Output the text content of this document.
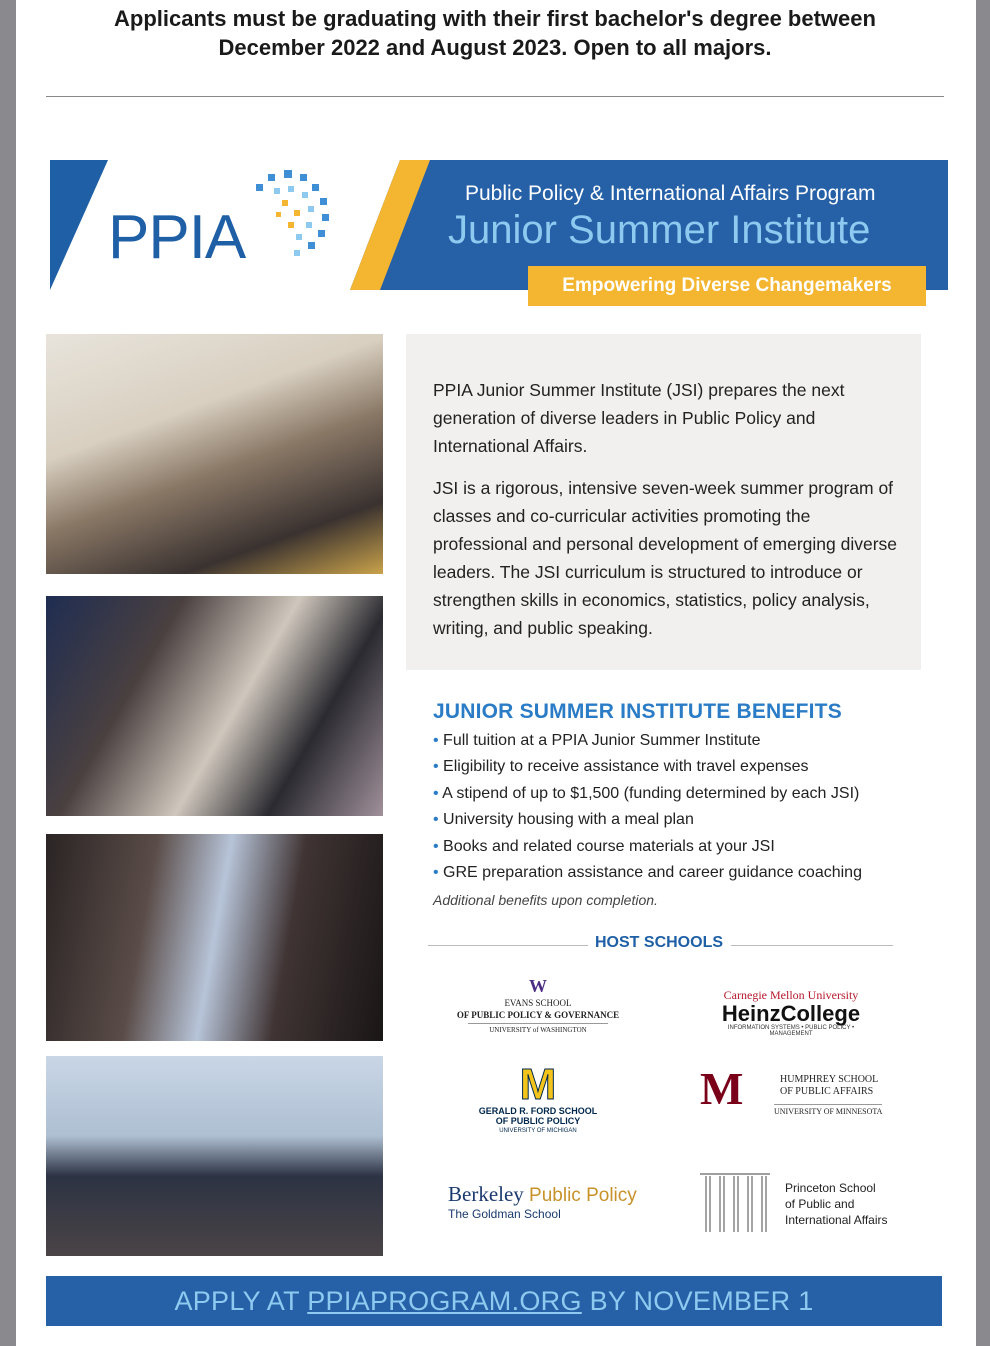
Applicants must be graduating with their first bachelor's degree between
December 2022 and August 2023. Open to all majors.
PPIA
Public Policy & International Affairs Program
Junior Summer Institute
Empowering Diverse Changemakers
PPIA Junior Summer Institute (JSI) prepares the next generation of diverse leaders in Public Policy and International Affairs.
JSI is a rigorous, intensive seven-week summer program of classes and co-curricular activities promoting the professional and personal development of emerging diverse leaders. The JSI curriculum is structured to introduce or strengthen skills in economics, statistics, policy analysis, writing, and public speaking.
JUNIOR SUMMER INSTITUTE BENEFITS
• Full tuition at a PPIA Junior Summer Institute
• Eligibility to receive assistance with travel expenses
• A stipend of up to $1,500 (funding determined by each JSI)
• University housing with a meal plan
• Books and related course materials at your JSI
• GRE preparation assistance and career guidance coaching
Additional benefits upon completion.
HOST SCHOOLS
W
EVANS SCHOOL
OF PUBLIC POLICY & GOVERNANCE
UNIVERSITY of WASHINGTON
Carnegie Mellon University
HeinzCollege
INFORMATION SYSTEMS • PUBLIC POLICY • MANAGEMENT
M
GERALD R. FORD SCHOOL
OF PUBLIC POLICY
UNIVERSITY OF MICHIGAN
M	HUMPHREY SCHOOL
OF PUBLIC AFFAIRS
UNIVERSITY OF MINNESOTA
Berkeley Public Policy
The Goldman School
Princeton School
of Public and
International Affairs
APPLY AT PPIAPROGRAM.ORG BY NOVEMBER 1
